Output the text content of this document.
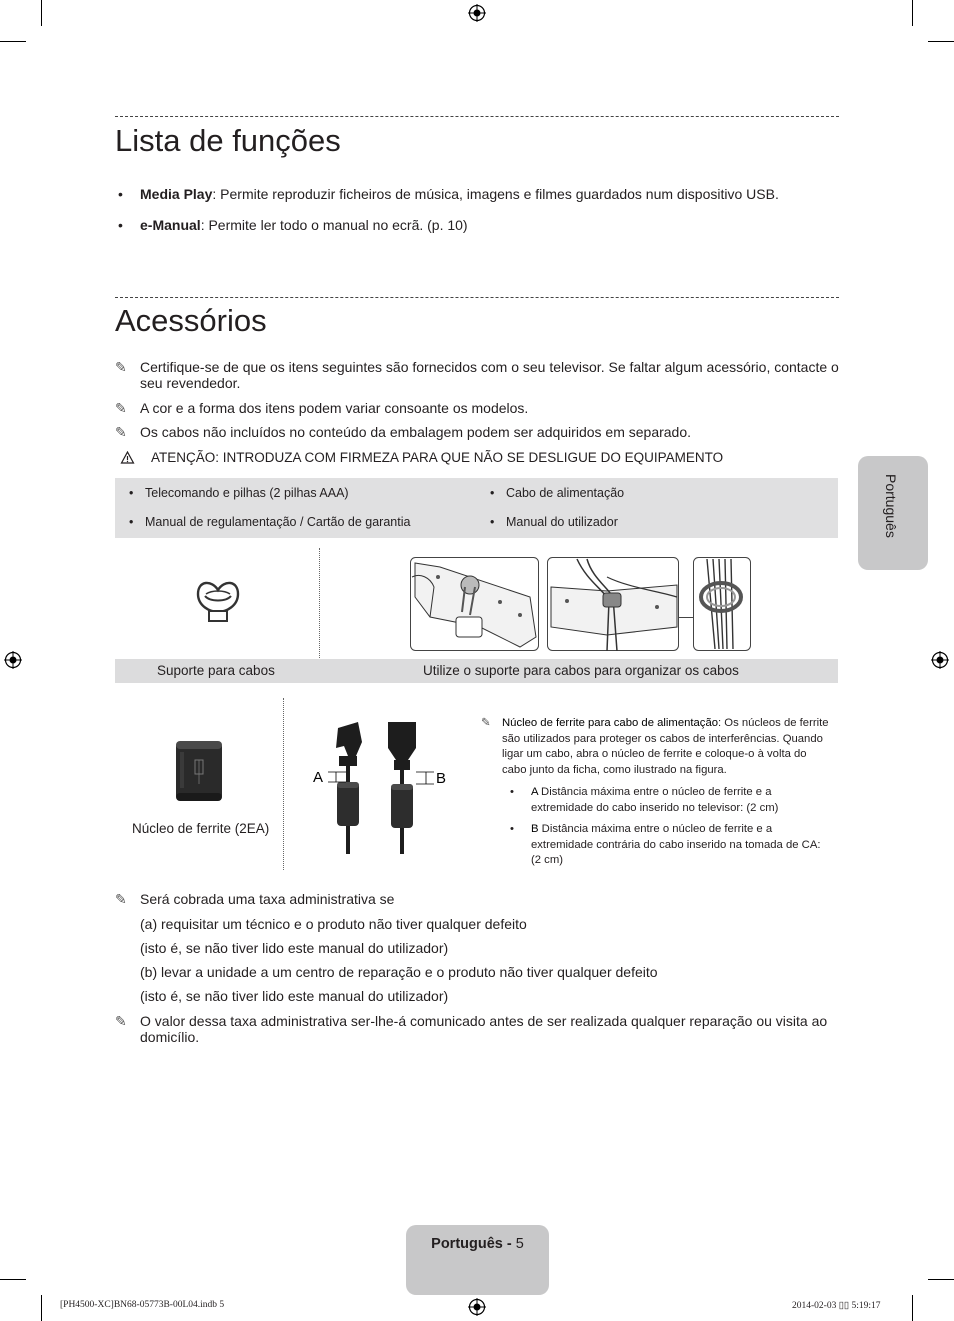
Lista de funções
• Media Play: Permite reproduzir ficheiros de música, imagens e filmes guardados num dispositivo USB.
• e-Manual: Permite ler todo o manual no ecrã. (p. 10)
Acessórios
✎ Certifique-se de que os itens seguintes são fornecidos com o seu televisor. Se faltar algum acessório, contacte o seu revendedor.
✎ A cor e a forma dos itens podem variar consoante os modelos.
✎ Os cabos não incluídos no conteúdo da embalagem podem ser adquiridos em separado.
ATENÇÃO: INTRODUZA COM FIRMEZA PARA QUE NÃO SE DESLIGUE DO EQUIPAMENTO
• Telecomando e pilhas (2 pilhas AAA)	• Cabo de alimentação
• Manual de regulamentação / Cartão de garantia	• Manual do utilizador
Suporte para cabos	Utilize o suporte para cabos para organizar os cabos
Núcleo de ferrite (2EA)
A	B
✎	Núcleo de ferrite para cabo de alimentação: Os núcleos de ferrite são utilizados para proteger os cabos de interferências. Quando ligar um cabo, abra o núcleo de ferrite e coloque-o à volta do cabo junto da ficha, como ilustrado na figura.
•	A Distância máxima entre o núcleo de ferrite e a extremidade do cabo inserido no televisor: (2 cm)
•	B Distância máxima entre o núcleo de ferrite e a extremidade contrária do cabo inserido na tomada de CA: (2 cm)
✎ Será cobrada uma taxa administrativa se
(a) requisitar um técnico e o produto não tiver qualquer defeito
(isto é, se não tiver lido este manual do utilizador)
(b) levar a unidade a um centro de reparação e o produto não tiver qualquer defeito
(isto é, se não tiver lido este manual do utilizador)
✎ O valor dessa taxa administrativa ser-lhe-á comunicado antes de ser realizada qualquer reparação ou visita ao domicílio.
Português
Português - 5
[PH4500-XC]BN68-05773B-00L04.indb 5	2014-02-03 ▯▯ 5:19:17
